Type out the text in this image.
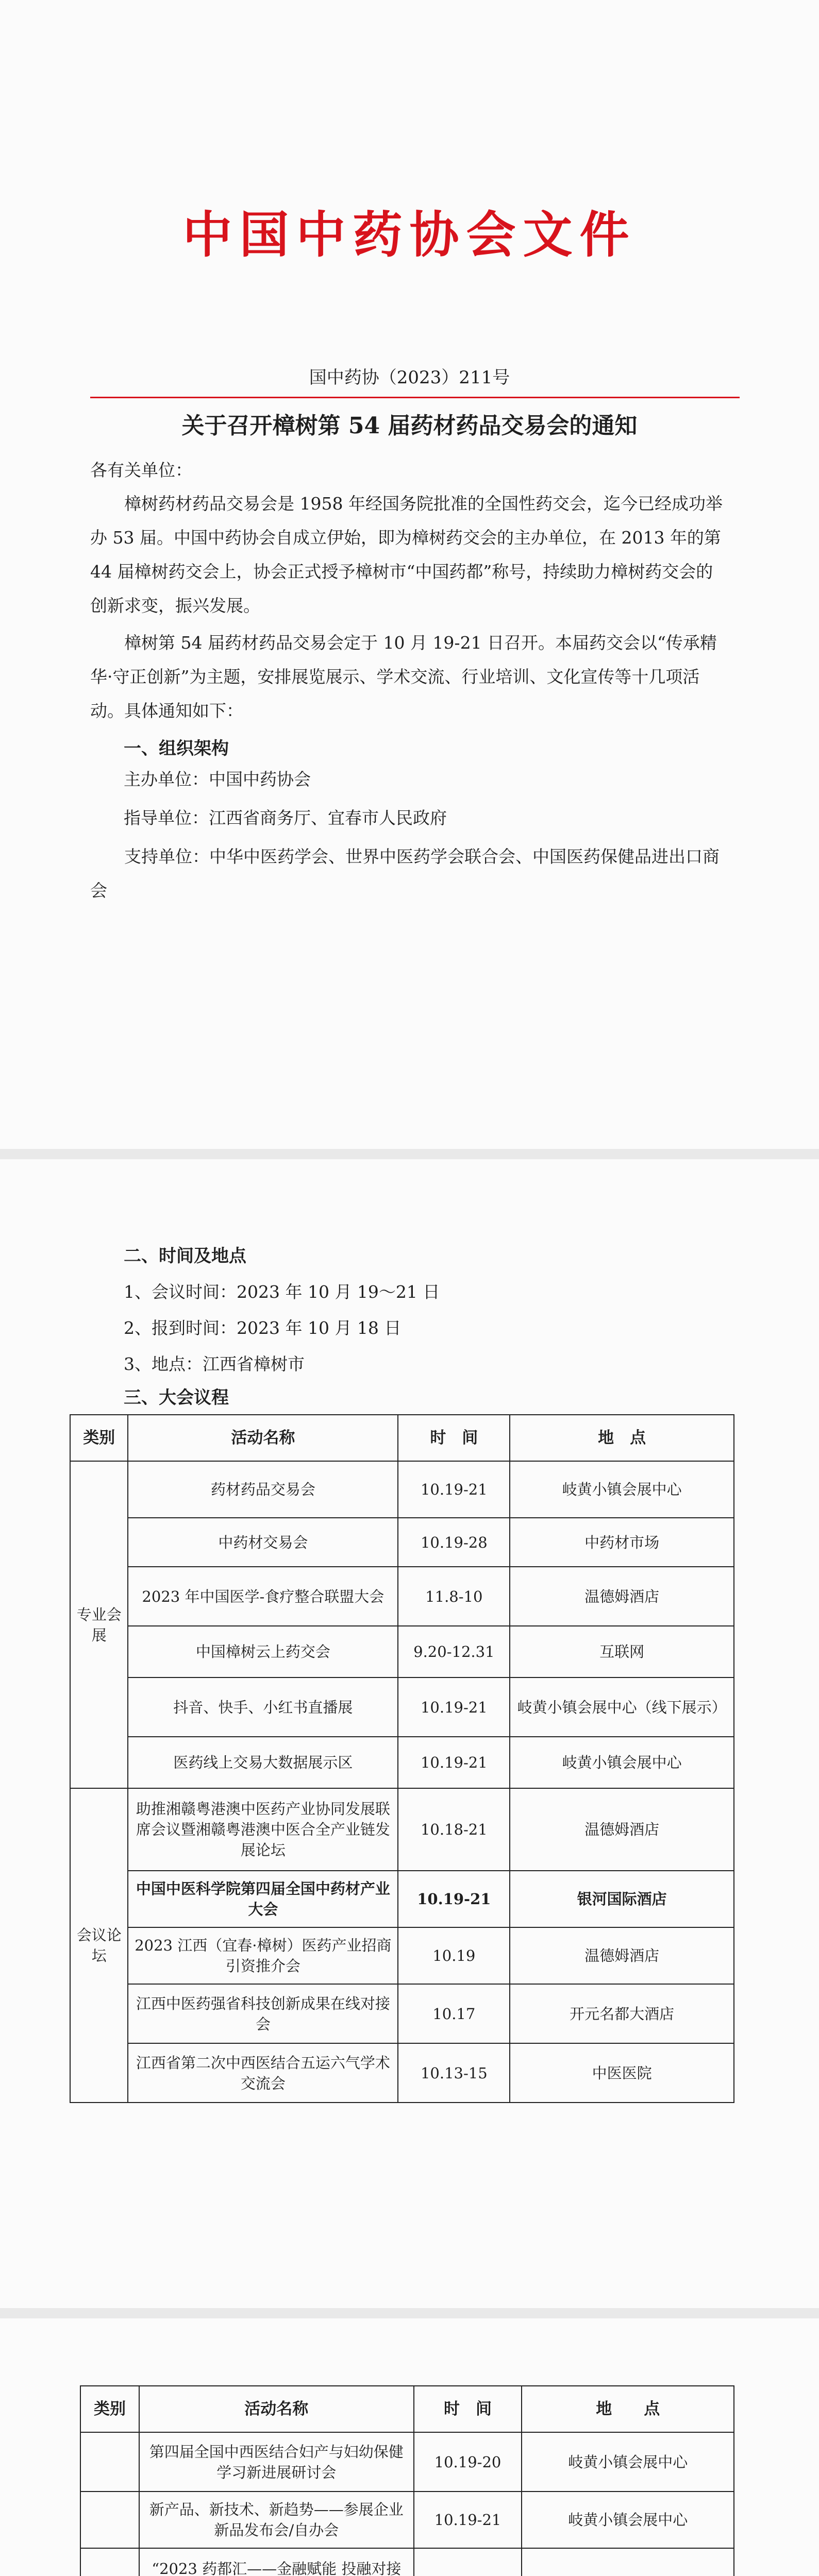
中国中药协会文件
国中药协（2023）211号
关于召开樟树第 54 届药材药品交易会的通知
各有关单位：
樟树药材药品交易会是 1958 年经国务院批准的全国性药交会，迄今已经成功举办 53 届。中国中药协会自成立伊始，即为樟树药交会的主办单位，在 2013 年的第 44 届樟树药交会上，协会正式授予樟树市“中国药都”称号，持续助力樟树药交会的创新求变，振兴发展。
樟树第 54 届药材药品交易会定于 10 月 19-21 日召开。本届药交会以“传承精华·守正创新”为主题，安排展览展示、学术交流、行业培训、文化宣传等十几项活动。具体通知如下：
一、组织架构
主办单位：中国中药协会
指导单位：江西省商务厅、宜春市人民政府
支持单位：中华中医药学会、世界中医药学会联合会、中国医药保健品进出口商会
二、时间及地点
1、会议时间：2023 年 10 月 19～21 日
2、报到时间：2023 年 10 月 18 日
3、地点：江西省樟树市
三、大会议程
类别	活动名称	时　间	地　点
专业会展	药材药品交易会	10.19-21	岐黄小镇会展中心
	中药材交易会	10.19-28	中药材市场
	2023 年中国医学-食疗整合联盟大会	11.8-10	温德姆酒店
	中国樟树云上药交会	9.20-12.31	互联网
	抖音、快手、小红书直播展	10.19-21	岐黄小镇会展中心（线下展示）
	医药线上交易大数据展示区	10.19-21	岐黄小镇会展中心
会议论坛	助推湘赣粤港澳中医药产业协同发展联席会议暨湘赣粤港澳中医合全产业链发展论坛	10.18-21	温德姆酒店
	中国中医科学院第四届全国中药材产业大会	10.19-21	银河国际酒店
	2023 江西（宜春·樟树）医药产业招商引资推介会	10.19	温德姆酒店
	江西中医药强省科技创新成果在线对接会	10.17	开元名都大酒店
	江西省第二次中西医结合五运六气学术交流会	10.13-15	中医医院
类别	活动名称	时　间	地　　点
	第四届全国中西医结合妇产与妇幼保健学习新进展研讨会	10.19-20	岐黄小镇会展中心
	新产品、新技术、新趋势——参展企业新品发布会/自办会	10.19-21	岐黄小镇会展中心
	“2023 药都汇——金融赋能 投融对接		
